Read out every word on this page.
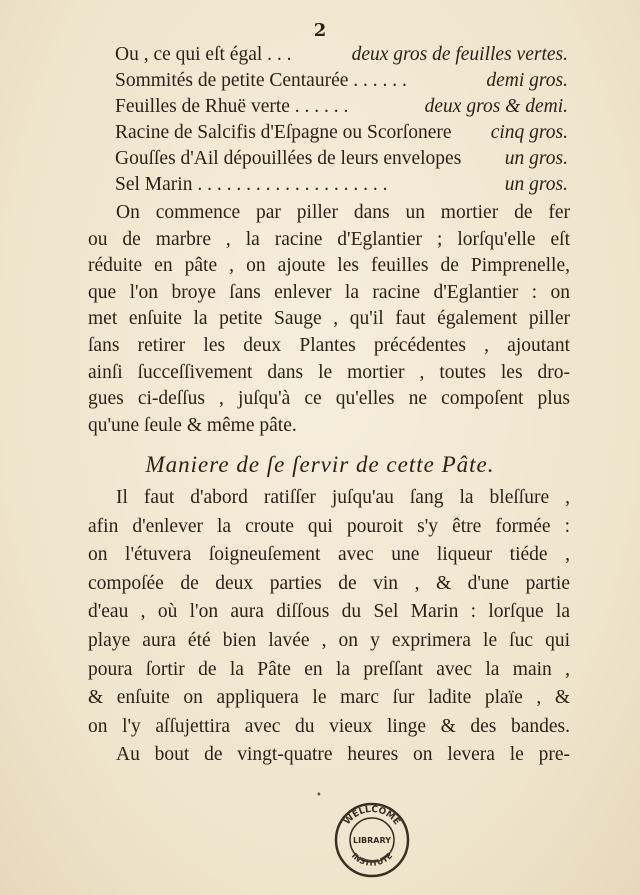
2
Ou , ce qui eſt égal . . .	deux gros de feuilles vertes.
Sommités de petite Centaurée . . . . . .	demi gros.
Feuilles de Rhuë verte . . . . . .	deux gros & demi.
Racine de Salcifis d'Eſpagne ou Scorſonere cinq gros.
Gouſſes d'Ail dépouillées de leurs envelopes un gros.
Sel Marin . . . . . . . . . . . . . . . . . . . .	un gros.
On commence par piller dans un mortier de fer
ou de marbre , la racine d'Eglantier ; lorſqu'elle eſt
réduite en pâte , on ajoute les feuilles de Pimprenelle,
que l'on broye ſans enlever la racine d'Eglantier : on
met enſuite la petite Sauge , qu'il faut également piller
ſans retirer les deux Plantes précédentes , ajoutant
ainſi ſucceſſivement dans le mortier , toutes les dro-
gues ci-deſſus , juſqu'à ce qu'elles ne compoſent plus
qu'une ſeule & même pâte.
Maniere de ſe ſervir de cette Pâte.
Il faut d'abord ratiſſer juſqu'au ſang la bleſſure ,
afin d'enlever la croute qui pouroit s'y être formée :
on l'étuvera ſoigneuſement avec une liqueur tiéde ,
compoſée de deux parties de vin , & d'une partie
d'eau , où l'on aura diſſous du Sel Marin : lorſque la
playe aura été bien lavée , on y exprimera le ſuc qui
poura ſortir de la Pâte en la preſſant avec la main ,
& enſuite on appliquera le marc ſur ladite plaïe , &
on l'y aſſujettira avec du vieux linge & des bandes.
Au bout de vingt-quatre heures on levera le pre-
•
WELLCOME
LIBRARY
INSTITUTE
